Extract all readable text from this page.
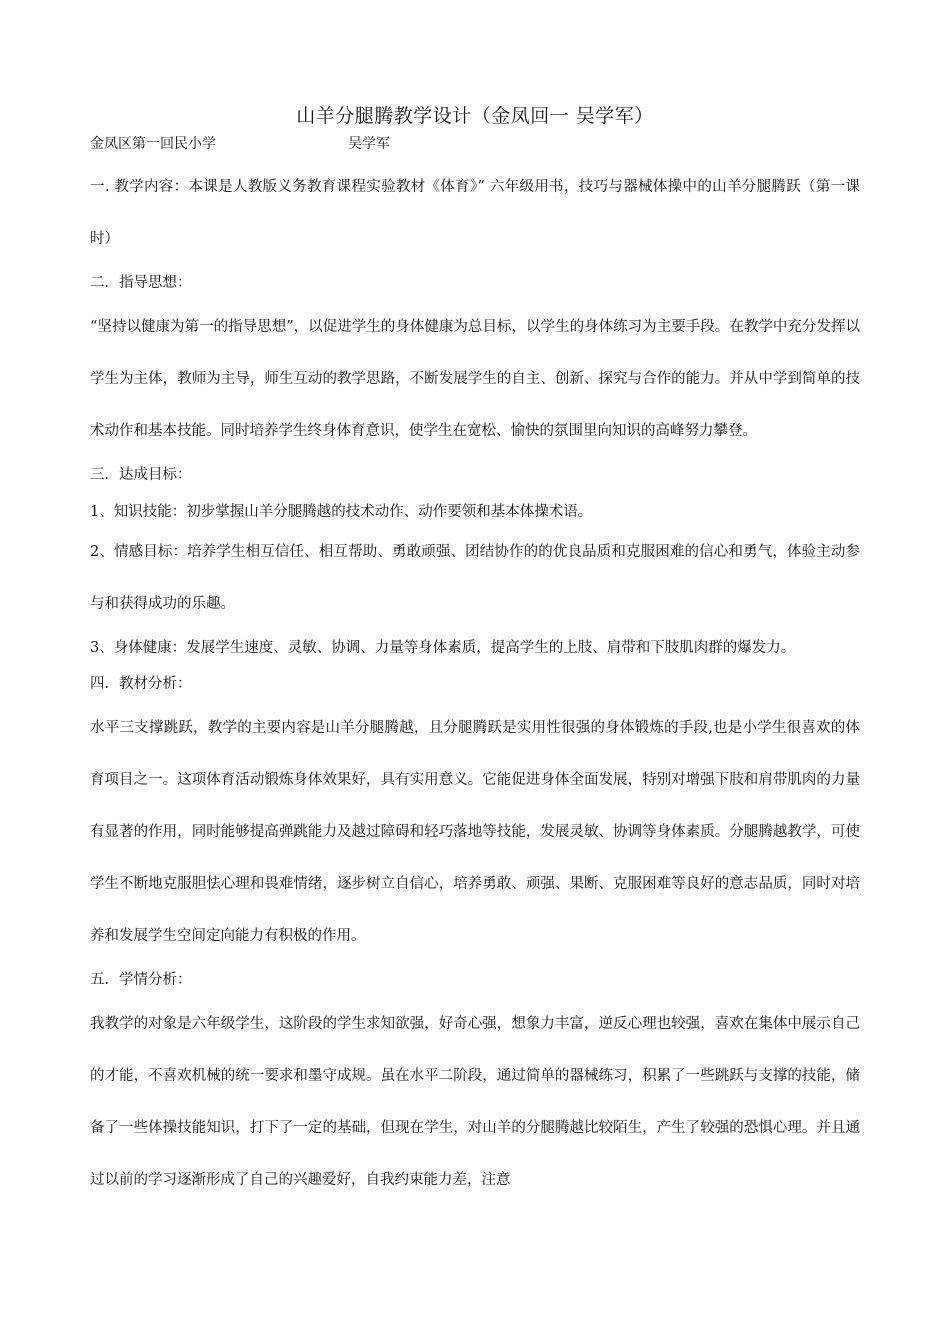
山羊分腿腾教学设计（金凤回一 吴学军）
金凤区第一回民小学	吴学军

一. 教学内容：本课是人教版义务教育课程实验教材《体育》” 六年级用书，技巧与器械体操中的山羊分腿腾跃（第一课时）

二．指导思想：

“坚持以健康为第一的指导思想”，以促进学生的身体健康为总目标，以学生的身体练习为主要手段。在教学中充分发挥以学生为主体，教师为主导，师生互动的教学思路，不断发展学生的自主、创新、探究与合作的能力。并从中学到简单的技术动作和基本技能。同时培养学生终身体育意识，使学生在宽松、愉快的氛围里向知识的高峰努力攀登。

三．达成目标：

1、知识技能：初步掌握山羊分腿腾越的技术动作、动作要领和基本体操术语。

2、情感目标：培养学生相互信任、相互帮助、勇敢顽强、团结协作的的优良品质和克服困难的信心和勇气，体验主动参与和获得成功的乐趣。

3、身体健康：发展学生速度、灵敏、协调、力量等身体素质，提高学生的上肢、肩带和下肢肌肉群的爆发力。

四．教材分析：

水平三支撑跳跃，教学的主要内容是山羊分腿腾越，且分腿腾跃是实用性很强的身体锻炼的手段,也是小学生很喜欢的体育项目之一。这项体育活动锻炼身体效果好，具有实用意义。它能促进身体全面发展，特别对增强下肢和肩带肌肉的力量有显著的作用，同时能够提高弹跳能力及越过障碍和轻巧落地等技能，发展灵敏、协调等身体素质。分腿腾越教学，可使学生不断地克服胆怯心理和畏难情绪，逐步树立自信心，培养勇敢、顽强、果断、克服困难等良好的意志品质，同时对培养和发展学生空间定向能力有积极的作用。

五．学情分析：

我教学的对象是六年级学生，这阶段的学生求知欲强，好奇心强，想象力丰富，逆反心理也较强，喜欢在集体中展示自己的才能，不喜欢机械的统一要求和墨守成规。虽在水平二阶段，通过简单的器械练习，积累了一些跳跃与支撑的技能，储备了一些体操技能知识，打下了一定的基础，但现在学生，对山羊的分腿腾越比较陌生，产生了较强的恐惧心理。并且通过以前的学习逐渐形成了自己的兴趣爱好，自我约束能力差，注意
